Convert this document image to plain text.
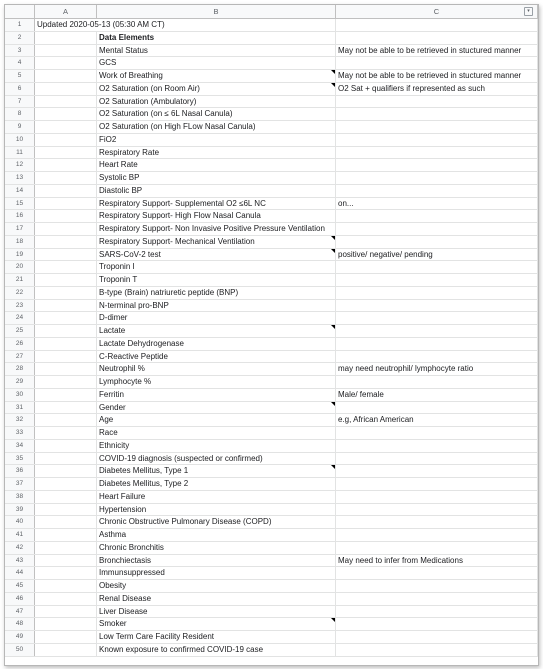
A	B	C	▾
1	Updated 2020-05-13 (05:30 AM CT)
2	Data Elements
3	Mental Status	May not be able to be retrieved in stuctured manner
4	GCS
5	Work of Breathing	May not be able to be retrieved in stuctured manner
6	O2 Saturation (on Room Air)	O2 Sat + qualifiers if represented as such
7	O2 Saturation (Ambulatory)
8	O2 Saturation (on ≤ 6L Nasal Canula)
9	O2 Saturation (on High FLow Nasal Canula)
10	FiO2
11	Respiratory Rate
12	Heart Rate
13	Systolic BP
14	Diastolic BP
15	Respiratory Support- Supplemental O2 ≤6L NC	on...
16	Respiratory Support- High Flow Nasal Canula
17	Respiratory Support- Non Invasive Positive Pressure Ventilation
18	Respiratory Support- Mechanical Ventilation
19	SARS-CoV-2 test	positive/ negative/ pending
20	Troponin I
21	Troponin T
22	B-type (Brain) natriuretic peptide (BNP)
23	N-terminal pro-BNP
24	D-dimer
25	Lactate
26	Lactate Dehydrogenase
27	C-Reactive Peptide
28	Neutrophil %	may need neutrophil/ lymphocyte ratio
29	Lymphocyte %
30	Ferritin	Male/ female
31	Gender
32	Age	e.g, African American
33	Race
34	Ethnicity
35	COVID-19 diagnosis (suspected or confirmed)
36	Diabetes Mellitus, Type 1
37	Diabetes Mellitus, Type 2
38	Heart Failure
39	Hypertension
40	Chronic Obstructive Pulmonary Disease (COPD)
41	Asthma
42	Chronic Bronchitis
43	Bronchiectasis	May need to infer from Medications
44	Immunsuppressed
45	Obesity
46	Renal Disease
47	Liver Disease
48	Smoker
49	Low Term Care Facility Resident
50	Known exposure to confirmed COVID-19 case
